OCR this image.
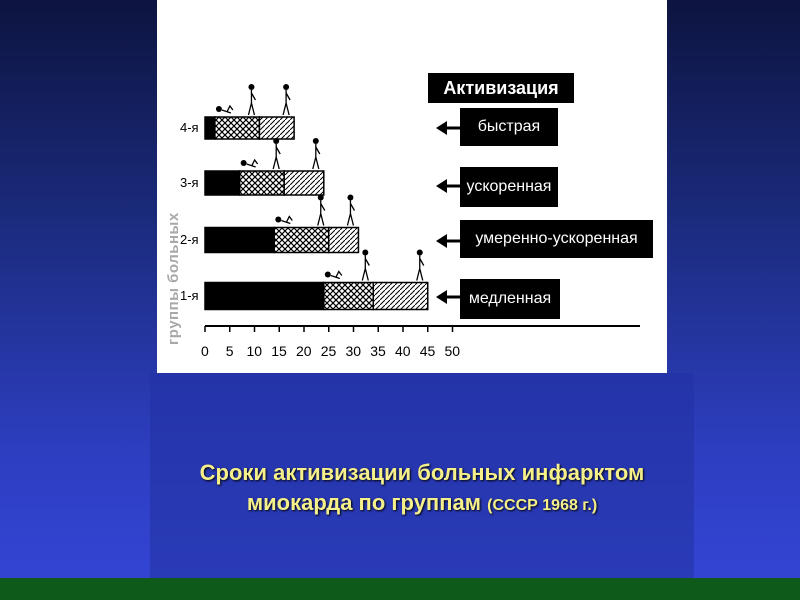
0 5 10 15 20 25 30 35 40 45 50
4-я
3-я
2-я
1-я
группы больных
Активизация
быстрая
ускоренная
умеренно-ускоренная
медленная
Сроки активизации больных инфарктом
миокарда по группам (СССР 1968 г.)
